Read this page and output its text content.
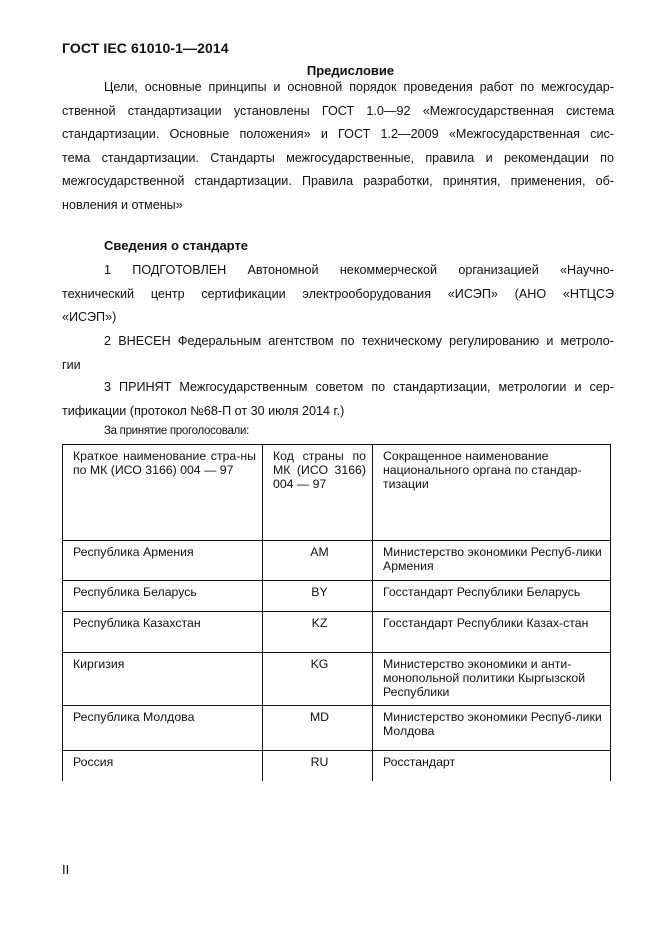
ГОСТ IEC 61010-1—2014
Предисловие
Цели, основные принципы и основной порядок проведения работ по межгосудар-
ственной стандартизации установлены ГОСТ 1.0—92 «Межгосударственная система
стандартизации. Основные положения» и ГОСТ 1.2—2009 «Межгосударственная сис-
тема стандартизации. Стандарты межгосударственные, правила и рекомендации по
межгосударственной стандартизации. Правила разработки, принятия, применения, об-
новления и отмены»
Сведения о стандарте
1 ПОДГОТОВЛЕН Автономной некоммерческой организацией «Научно-
технический центр сертификации электрооборудования «ИСЭП» (АНО «НТЦСЭ
«ИСЭП»)
2 ВНЕСЕН Федеральным агентством по техническому регулированию и метроло-
гии
3 ПРИНЯТ Межгосударственным советом по стандартизации, метрологии и сер-
тификации (протокол №68-П от 30 июля 2014 г.)
За принятие проголосовали:
Краткое наименование стра-ны по МК (ИСО 3166) 004 — 97	Код страны по МК (ИСО 3166) 004 — 97	Сокращенное наименование национального органа по стандар-тизации
Республика Армения	AM	Министерство экономики Респуб-лики Армения
Республика Беларусь	BY	Госстандарт Республики Беларусь
Республика Казахстан	KZ	Госстандарт Республики Казах-стан
Киргизия	KG	Министерство экономики и анти-монопольной политики Кыргызской Республики
Республика Молдова	MD	Министерство экономики Респуб-лики Молдова
Россия	RU	Росстандарт
II
